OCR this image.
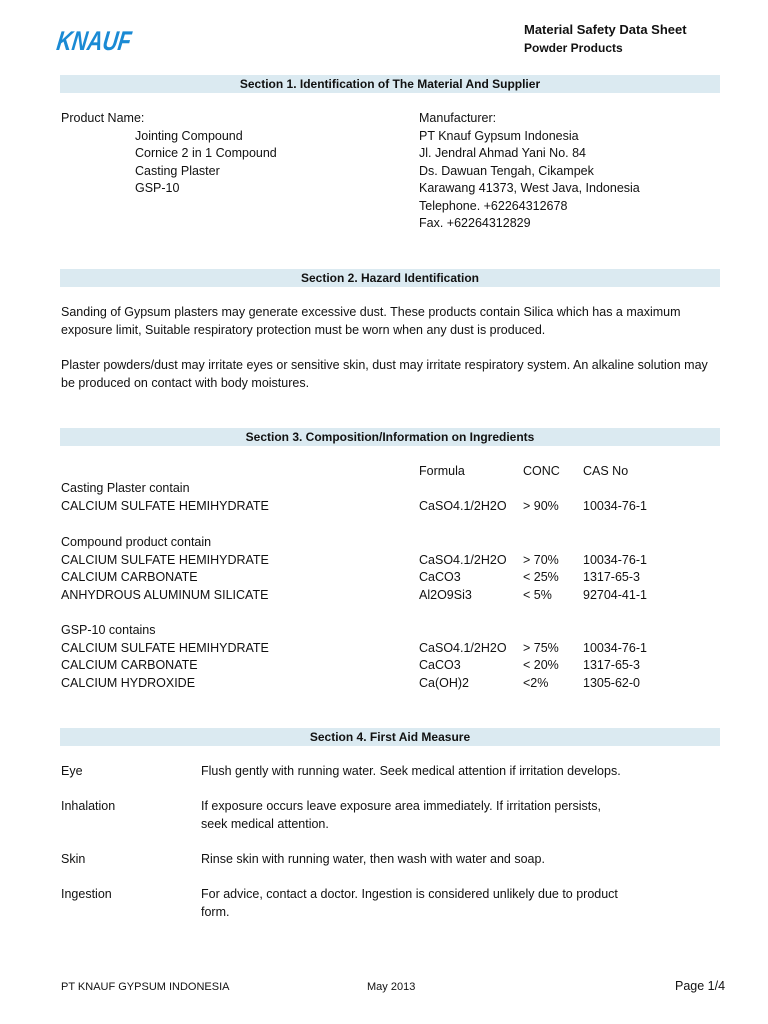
KNAUF	Material Safety Data Sheet
Powder Products
Section 1. Identification of The Material And Supplier
Product Name:
Jointing Compound
Cornice 2 in 1 Compound
Casting Plaster
GSP-10
Manufacturer:
PT Knauf Gypsum Indonesia
Jl. Jendral Ahmad Yani No. 84
Ds. Dawuan Tengah, Cikampek
Karawang 41373, West Java, Indonesia
Telephone. +62264312678
Fax. +62264312829
Section 2. Hazard Identification
Sanding of Gypsum plasters may generate excessive dust. These products contain Silica which has a maximum exposure limit, Suitable respiratory protection must be worn when any dust is produced.
Plaster powders/dust may irritate eyes or sensitive skin, dust may irritate respiratory system. An alkaline solution may be produced on contact with body moistures.
Section 3. Composition/Information on Ingredients
Formula	CONC CAS No
Casting Plaster contain
CALCIUM SULFATE HEMIHYDRATE	CaSO4.1/2H2O > 90% 10034-76-1
Compound product contain
CALCIUM SULFATE HEMIHYDRATE	CaSO4.1/2H2O > 70% 10034-76-1
CALCIUM CARBONATE	CaCO3	< 25% 1317-65-3
ANHYDROUS ALUMINUM SILICATE	Al2O9Si3	< 5% 92704-41-1
GSP-10 contains
CALCIUM SULFATE HEMIHYDRATE	CaSO4.1/2H2O > 75% 10034-76-1
CALCIUM CARBONATE	CaCO3	< 20% 1317-65-3
CALCIUM HYDROXIDE	Ca(OH)2	<2%	1305-62-0
Section 4. First Aid Measure
Eye	Flush gently with running water. Seek medical attention if irritation develops.
Inhalation	If exposure occurs leave exposure area immediately. If irritation persists,
seek medical attention.
Skin	Rinse skin with running water, then wash with water and soap.
Ingestion	For advice, contact a doctor. Ingestion is considered unlikely due to product
form.
PT KNAUF GYPSUM INDONESIA	May 2013	Page 1/4
